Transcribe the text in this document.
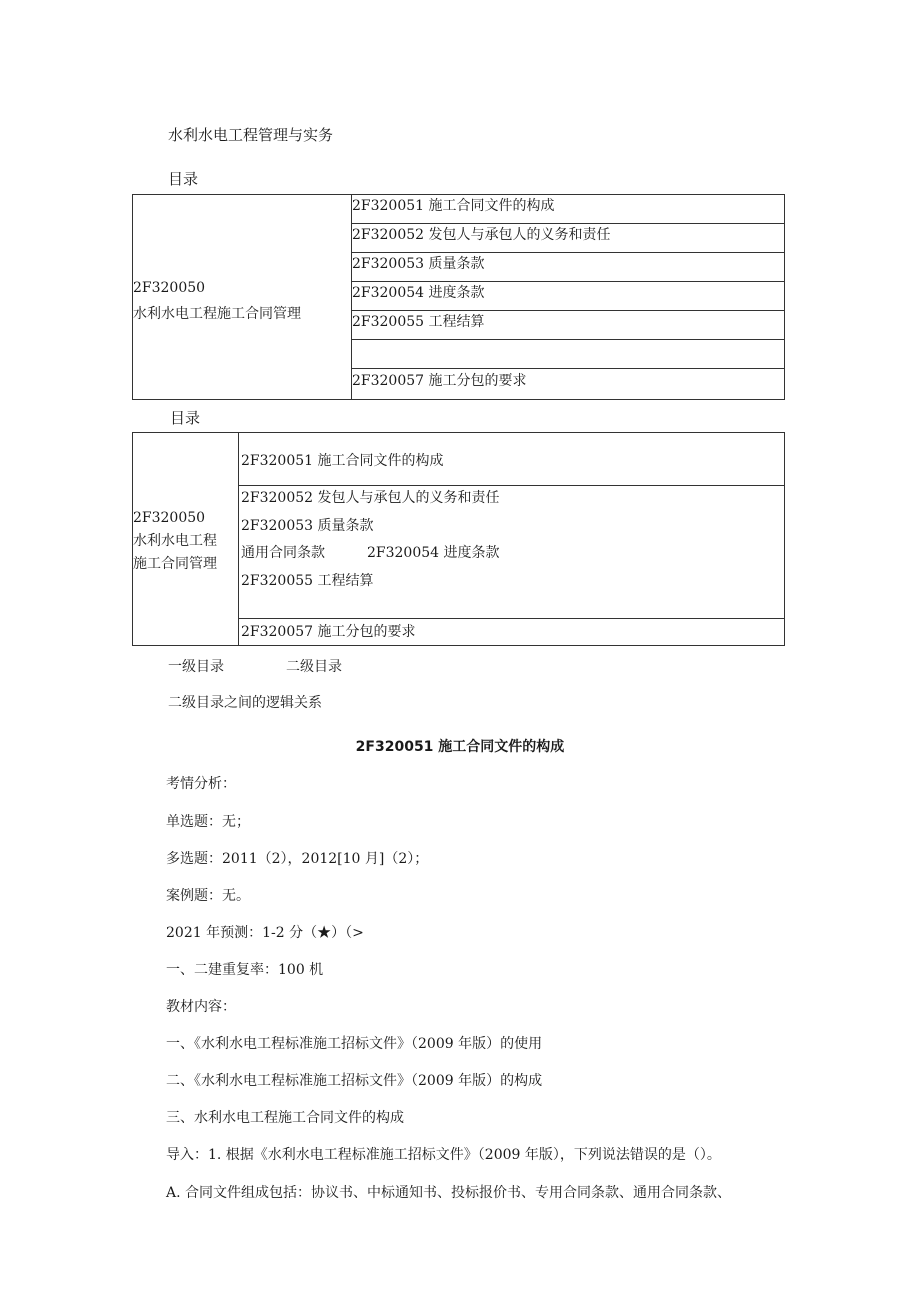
水利水电工程管理与实务
目录
2F320050
水利水电工程施工合同管理
2F320051 施工合同文件的构成
2F320052 发包人与承包人的义务和责任
2F320053 质量条款
2F320054 进度条款
2F320055 工程结算
2F320057 施工分包的要求
目录
2F320050
水利水电工程
施工合同管理
2F320051 施工合同文件的构成
2F320052 发包人与承包人的义务和责任
2F320053 质量条款
通用合同条款	2F320054 进度条款
2F320055 工程结算
2F320057 施工分包的要求
一级目录	二级目录
二级目录之间的逻辑关系
2F320051 施工合同文件的构成
考情分析：
单选题：无；
多选题：2011（2），2012[10 月]（2）；
案例题：无。
2021 年预测：1-2 分（★）（>
一、二建重复率：100 机
教材内容：
一、《水利水电工程标准施工招标文件》（2009 年版）的使用
二、《水利水电工程标准施工招标文件》（2009 年版）的构成
三、水利水电工程施工合同文件的构成
导入：1. 根据《水利水电工程标准施工招标文件》（2009 年版），下列说法错误的是（）。
A. 合同文件组成包括：协议书、中标通知书、投标报价书、专用合同条款、通用合同条款、
